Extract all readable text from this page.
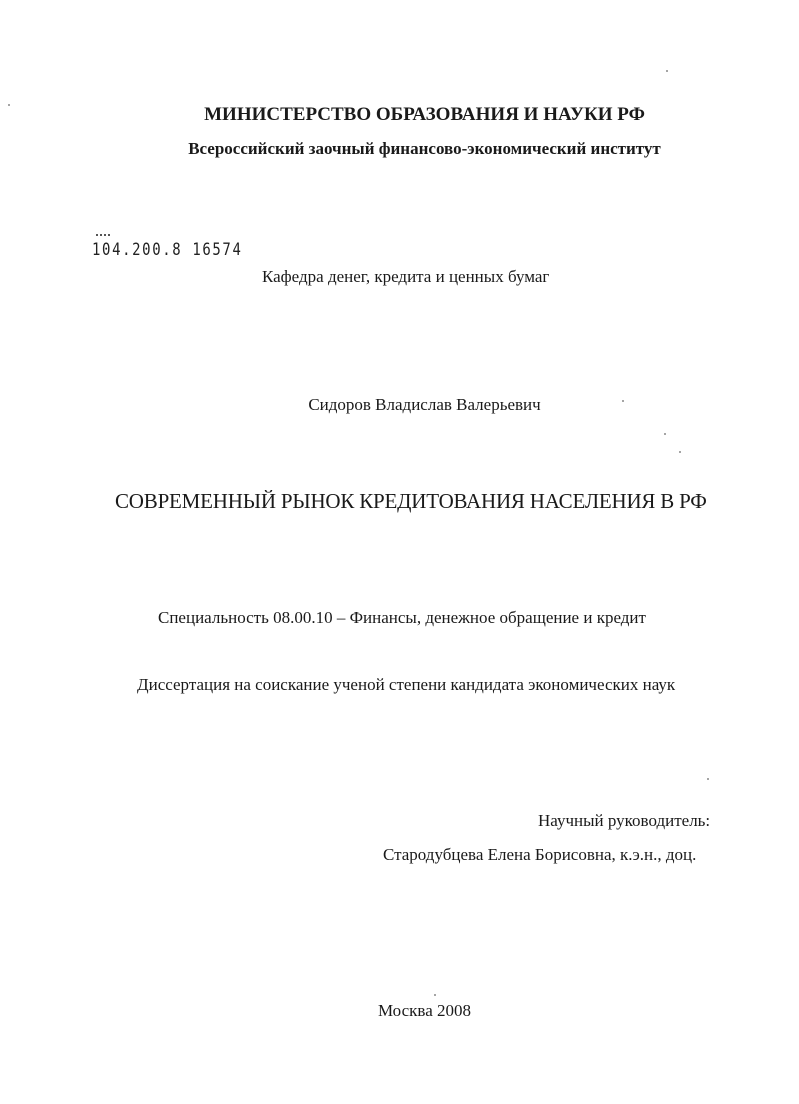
МИНИСТЕРСТВО ОБРАЗОВАНИЯ И НАУКИ РФ
Всероссийский заочный финансово-экономический институт
104.200.8 16574
Кафедра денег, кредита и ценных бумаг
Сидоров Владислав Валерьевич
СОВРЕМЕННЫЙ РЫНОК КРЕДИТОВАНИЯ НАСЕЛЕНИЯ В РФ
Специальность 08.00.10 – Финансы, денежное обращение и кредит
Диссертация на соискание ученой степени кандидата экономических наук
Научный руководитель:
Стародубцева Елена Борисовна, к.э.н., доц.
Москва 2008
